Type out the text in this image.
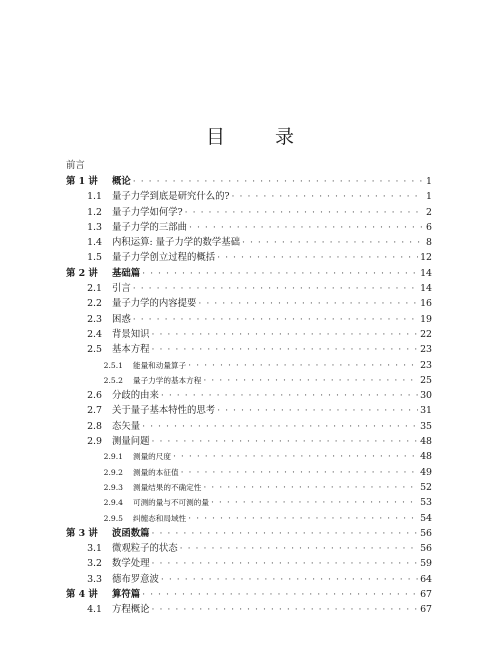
目 录
前言
第 1 讲	概论 · · ·	1
1.1	量子力学到底是研究什么的? · · ·	1
1.2	量子力学如何学? · · ·	2
1.3	量子力学的三部曲 · · ·	6
1.4	内积运算: 量子力学的数学基础 · · ·	8
1.5	量子力学创立过程的概括 · · ·	12
第 2 讲	基础篇 · · ·	14
2.1	引言 · · ·	14
2.2	量子力学的内容提要 · · ·	16
2.3	困惑 · · ·	19
2.4	背景知识 · · ·	22
2.5	基本方程 · · ·	23
2.5.1	能量和动量算子 · · ·	23
2.5.2	量子力学的基本方程 · · ·	25
2.6	分歧的由来 · · ·	30
2.7	关于量子基本特性的思考 · · ·	31
2.8	态矢量 · · ·	35
2.9	测量问题 · · ·	48
2.9.1	测量的尺度 · · ·	48
2.9.2	测量的本征值 · · ·	49
2.9.3	测量结果的不确定性 · · ·	52
2.9.4	可测的量与不可测的量 · · ·	53
2.9.5	纠缠态和局域性 · · ·	54
第 3 讲	波函数篇 · · ·	56
3.1	微观粒子的状态 · · ·	56
3.2	数学处理 · · ·	59
3.3	德布罗意波 · · ·	64
第 4 讲	算符篇 · · ·	67
4.1	方程概论 · · ·	67
